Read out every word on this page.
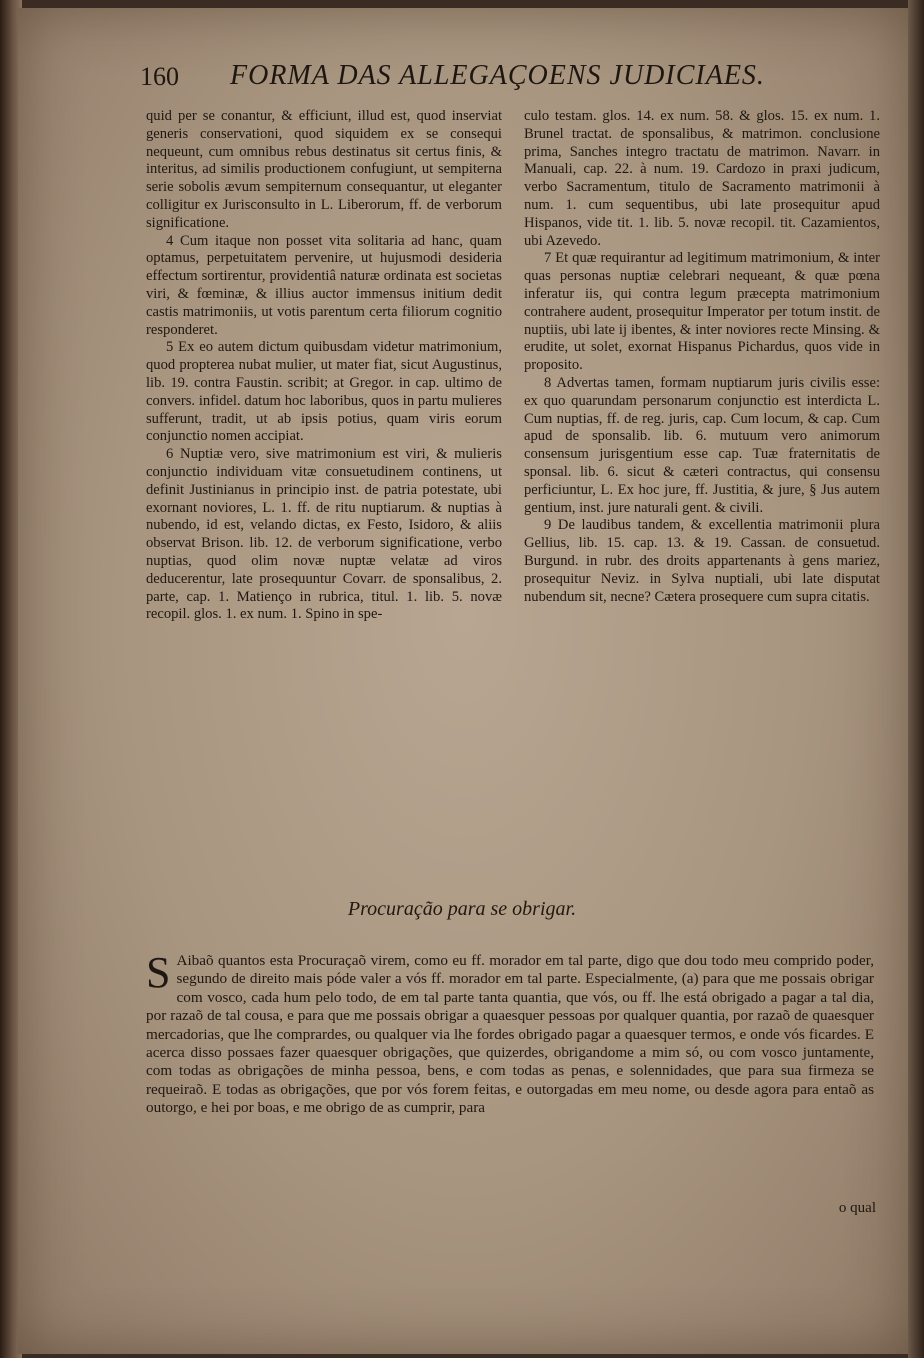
160 FORMA DAS ALLEGAÇOENS JUDICIAES.

quid per se conantur, & efficiunt, illud est, quod inserviat generis conservationi, quod siquidem ex se consequi nequeunt, cum omnibus rebus destinatus sit certus finis, & interitus, ad similis productionem confugiunt, ut sempiterna serie sobolis ævum sempiternum consequantur, ut eleganter colligitur ex Jurisconsulto in L. Liberorum, ff. de verborum significatione.

4 Cum itaque non posset vita solitaria ad hanc, quam optamus, perpetuitatem pervenire, ut hujusmodi desideria effectum sortirentur, providentiâ naturæ ordinata est societas viri, & fœminæ, & illius auctor immensus initium dedit castis matrimoniis, ut votis parentum certa filiorum cognitio responderet.

5 Ex eo autem dictum quibusdam videtur matrimonium, quod propterea nubat mulier, ut mater fiat, sicut Augustinus, lib. 19. contra Faustin. scribit; at Gregor. in cap. ultimo de convers. infidel. datum hoc laboribus, quos in partu mulieres sufferunt, tradit, ut ab ipsis potius, quam viris eorum conjunctio nomen accipiat.

6 Nuptiæ vero, sive matrimonium est viri, & mulieris conjunctio individuam vitæ consuetudinem continens, ut definit Justinianus in principio inst. de patria potestate, ubi exornant noviores, L. 1. ff. de ritu nuptiarum. & nuptias à nubendo, id est, velando dictas, ex Festo, Isidoro, & aliis observat Brison. lib. 12. de verborum significatione, verbo nuptias, quod olim novæ nuptæ velatæ ad viros deducerentur, late prosequuntur Covarr. de sponsalibus, 2. parte, cap. 1. Matienço in rubrica, titul. 1. lib. 5. novæ recopil. glos. 1. ex num. 1. Spino in spe-

culo testam. glos. 14. ex num. 58. & glos. 15. ex num. 1. Brunel tractat. de sponsalibus, & matrimon. conclusione prima, Sanches integro tractatu de matrimon. Navarr. in Manuali, cap. 22. à num. 19. Cardozo in praxi judicum, verbo Sacramentum, titulo de Sacramento matrimonii à num. 1. cum sequentibus, ubi late prosequitur apud Hispanos, vide tit. 1. lib. 5. novæ recopil. tit. Cazamientos, ubi Azevedo.

7 Et quæ requirantur ad legitimum matrimonium, & inter quas personas nuptiæ celebrari nequeant, & quæ pœna inferatur iis, qui contra legum præcepta matrimonium contrahere audent, prosequitur Imperator per totum instit. de nuptiis, ubi late ij ibentes, & inter noviores recte Minsing. & erudite, ut solet, exornat Hispanus Pichardus, quos vide in proposito.

8 Advertas tamen, formam nuptiarum juris civilis esse: ex quo quarundam personarum conjunctio est interdicta L. Cum nuptias, ff. de reg. juris, cap. Cum locum, & cap. Cum apud de sponsalib. lib. 6. mutuum vero animorum consensum jurisgentium esse cap. Tuæ fraternitatis de sponsal. lib. 6. sicut & cæteri contractus, qui consensu perficiuntur, L. Ex hoc jure, ff. Justitia, & jure, § Jus autem gentium, inst. jure naturali gent. & civili.

9 De laudibus tandem, & excellentia matrimonii plura Gellius, lib. 15. cap. 13. & 19. Cassan. de consuetud. Burgund. in rubr. des droits appartenants à gens mariez, prosequitur Neviz. in Sylva nuptiali, ubi late disputat nubendum sit, necne? Cætera prosequere cum supra citatis.

Procuração para se obrigar.
S Aibaõ quantos esta Procuraçaõ virem, como eu ff. morador em tal parte, digo que dou todo meu comprido poder, segundo de direito mais póde valer a vós ff. morador em tal parte. Especialmente, (a) para que me possais obrigar com vosco, cada hum pelo todo, de em tal parte tanta quantia, que vós, ou ff. lhe está obrigado a pagar a tal dia, por razaõ de tal cousa, e para que me possais obrigar a quaesquer pessoas por qualquer quantia, por razaõ de quaesquer mercadorias, que lhe comprardes, ou qualquer via lhe fordes obrigado pagar a quaesquer termos, e onde vós ficardes. E acerca disso possaes fazer quaesquer obrigações, que quizerdes, obrigandome a mim só, ou com vosco juntamente, com todas as obrigações de minha pessoa, bens, e com todas as penas, e solennidades, que para sua firmeza se requeiraõ. E todas as obrigações, que por vós forem feitas, e outorgadas em meu nome, ou desde agora para entaõ as outorgo, e hei por boas, e me obrigo de as cumprir, para
o qual
